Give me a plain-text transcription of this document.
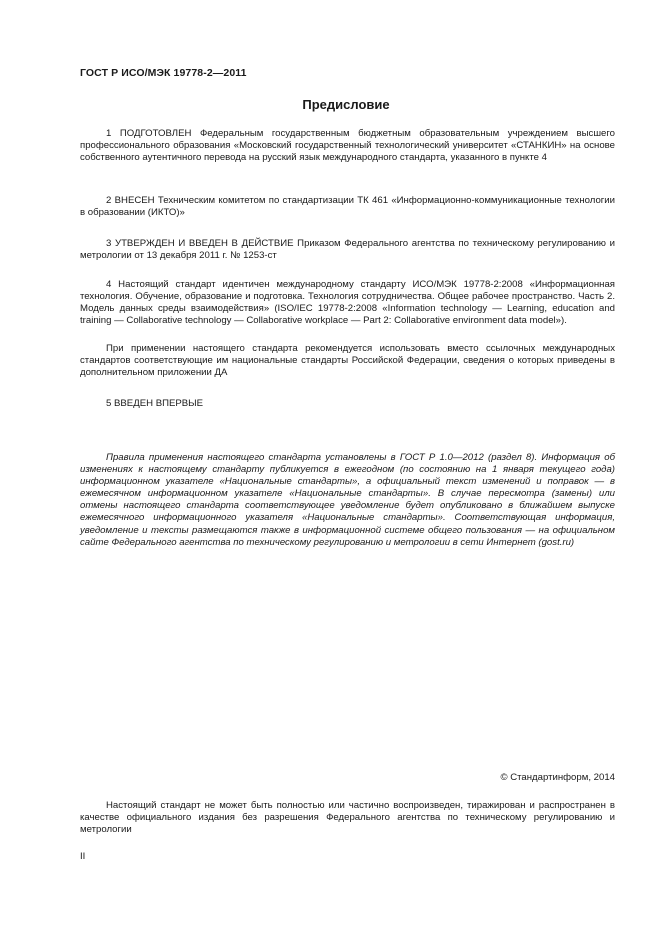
ГОСТ Р ИСО/МЭК 19778-2—2011
Предисловие

1 ПОДГОТОВЛЕН Федеральным государственным бюджетным образовательным учреждением высшего профессионального образования «Московский государственный технологический университет «СТАНКИН» на основе собственного аутентичного перевода на русский язык международного стандарта, указанного в пункте 4

2 ВНЕСЕН Техническим комитетом по стандартизации ТК 461 «Информационно-коммуникационные технологии в образовании (ИКТО)»

3 УТВЕРЖДЕН И ВВЕДЕН В ДЕЙСТВИЕ Приказом Федерального агентства по техническому регулированию и метрологии от 13 декабря 2011 г. № 1253-ст

4 Настоящий стандарт идентичен международному стандарту ИСО/МЭК 19778-2:2008 «Информационная технология. Обучение, образование и подготовка. Технология сотрудничества. Общее рабочее пространство. Часть 2. Модель данных среды взаимодействия» (ISO/IEC 19778-2:2008 «Information technology — Learning, education and training — Collaborative technology — Collaborative workplace — Part 2: Collaborative environment data model»).

При применении настоящего стандарта рекомендуется использовать вместо ссылочных международных стандартов соответствующие им национальные стандарты Российской Федерации, сведения о которых приведены в дополнительном приложении ДА

5 ВВЕДЕН ВПЕРВЫЕ

Правила применения настоящего стандарта установлены в ГОСТ Р 1.0—2012 (раздел 8). Информация об изменениях к настоящему стандарту публикуется в ежегодном (по состоянию на 1 января текущего года) информационном указателе «Национальные стандарты», а официальный текст изменений и поправок — в ежемесячном информационном указателе «Национальные стандарты». В случае пересмотра (замены) или отмены настоящего стандарта соответствующее уведомление будет опубликовано в ближайшем выпуске ежемесячного информационного указателя «Национальные стандарты». Соответствующая информация, уведомление и тексты размещаются также в информационной системе общего пользования — на официальном сайте Федерального агентства по техническому регулированию и метрологии в сети Интернет (gost.ru)

© Стандартинформ, 2014

Настоящий стандарт не может быть полностью или частично воспроизведен, тиражирован и распространен в качестве официального издания без разрешения Федерального агентства по техническому регулированию и метрологии

II
